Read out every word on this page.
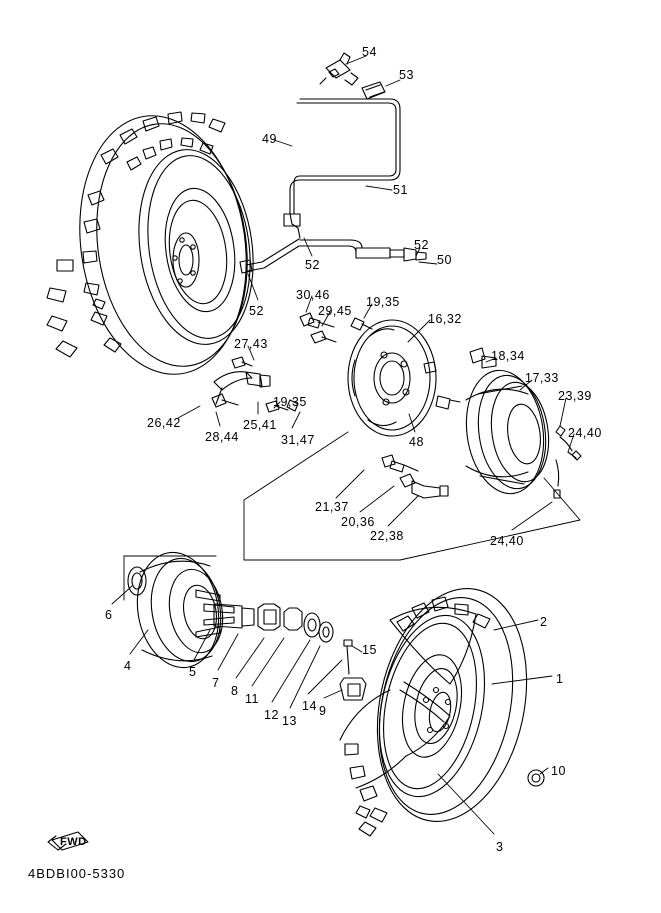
54
53
49
51
52
50
52
52
30,46
29,45
19,35
16,32
18,34
17,33
23,39
24,40
27,43
19,35
26,42
28,44
25,41
31,47	48
21,37
20,36
22,38	24,40
6
4	5
7
8
11
12 13
14 9
15
2
1
10
3
FWD
4BDBI00-5330
